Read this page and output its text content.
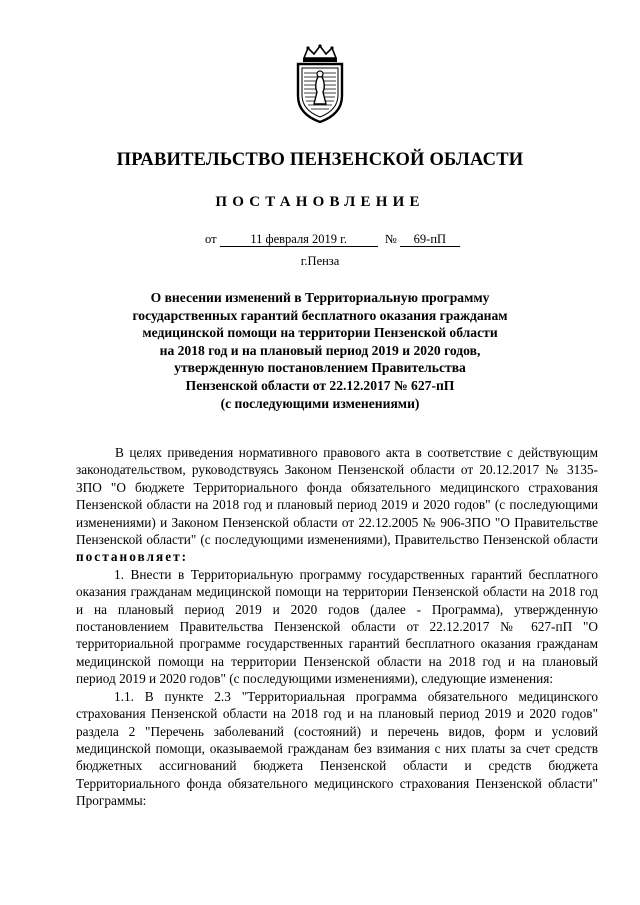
ПРАВИТЕЛЬСТВО ПЕНЗЕНСКОЙ ОБЛАСТИ
ПОСТАНОВЛЕНИЕ
от	11 февраля 2019 г.	№ 69-пП
г.Пенза
О внесении изменений в Территориальную программу
государственных гарантий бесплатного оказания гражданам
медицинской помощи на территории Пензенской области
на 2018 год и на плановый период 2019 и 2020 годов,
утвержденную постановлением Правительства
Пензенской области от 22.12.2017 № 627-пП
(с последующими изменениями)

В целях приведения нормативного правового акта в соответствие с действующим законодательством, руководствуясь Законом Пензенской области от 20.12.2017 № 3135-ЗПО "О бюджете Территориального фонда обязательного медицинского страхования Пензенской области на 2018 год и плановый период 2019 и 2020 годов" (с последующими изменениями) и Законом Пензенской области от 22.12.2005 № 906-ЗПО "О Правительстве Пензенской области" (с последующими изменениями), Правительство Пензенской области постановляет:

1. Внести в Территориальную программу государственных гарантий бесплатного оказания гражданам медицинской помощи на территории Пензенской области на 2018 год и на плановый период 2019 и 2020 годов (далее - Программа), утвержденную постановлением Правительства Пензенской области от 22.12.2017 № 627-пП "О территориальной программе государственных гарантий бесплатного оказания гражданам медицинской помощи на территории Пензенской области на 2018 год и на плановый период 2019 и 2020 годов" (с последующими изменениями), следующие изменения:

1.1. В пункте 2.3 "Территориальная программа обязательного медицинского страхования Пензенской области на 2018 год и на плановый период 2019 и 2020 годов" раздела 2 "Перечень заболеваний (состояний) и перечень видов, форм и условий медицинской помощи, оказываемой гражданам без взимания с них платы за счет средств бюджетных ассигнований бюджета Пензенской области и средств бюджета Территориального фонда обязательного медицинского страхования Пензенской области" Программы:
